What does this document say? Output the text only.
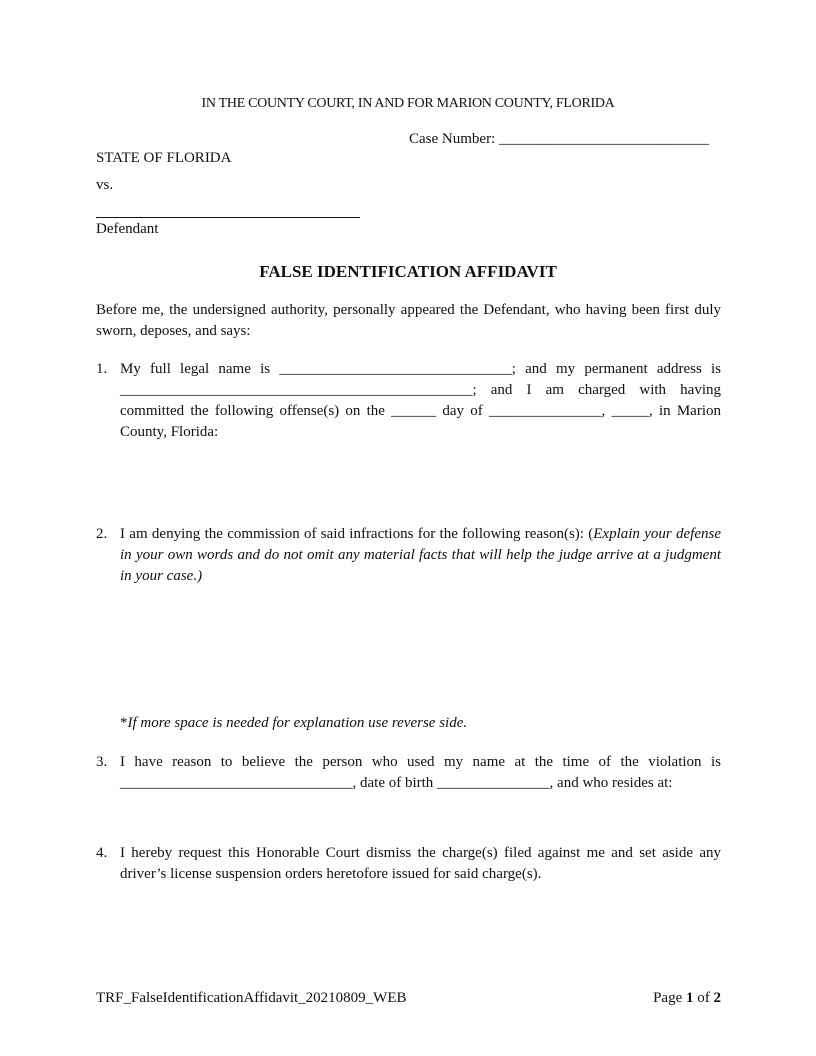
IN THE COUNTY COURT, IN AND FOR MARION COUNTY, FLORIDA
Case Number: ____________________________
STATE OF FLORIDA
vs.
Defendant
FALSE IDENTIFICATION AFFIDAVIT
Before me, the undersigned authority, personally appeared the Defendant, who having been first duly sworn, deposes, and says:
1. My full legal name is _______________________________; and my permanent address is
_______________________________________________; and I am charged with having
committed the following offense(s) on the ______ day of _______________, _____, in Marion
County, Florida:
2. I am denying the commission of said infractions for the following reason(s): (Explain your defense in your own words and do not omit any material facts that will help the judge arrive at a judgment in your case.)
*If more space is needed for explanation use reverse side.
3. I have reason to believe the person who used my name at the time of the violation is
_______________________________, date of birth _______________, and who resides at:
4. I hereby request this Honorable Court dismiss the charge(s) filed against me and set aside any driver’s license suspension orders heretofore issued for said charge(s).
TRF_FalseIdentificationAffidavit_20210809_WEB	Page 1 of 2
